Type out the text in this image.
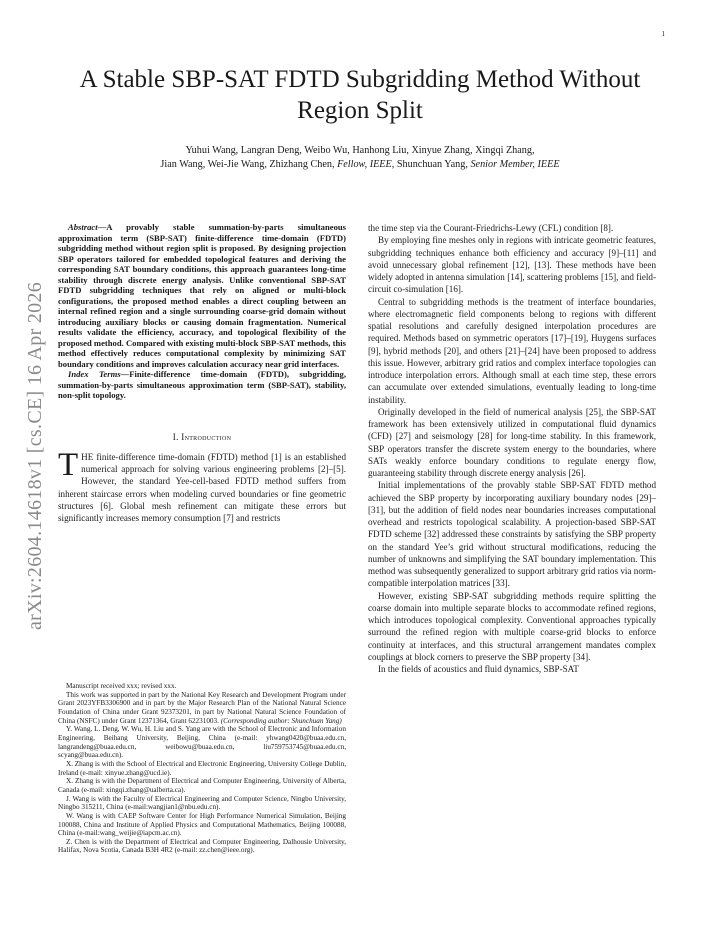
1
arXiv:2604.14618v1 [cs.CE] 16 Apr 2026
A Stable SBP-SAT FDTD Subgridding Method Without Region Split
Yuhui Wang, Langran Deng, Weibo Wu, Hanhong Liu, Xinyue Zhang, Xingqi Zhang,
Jian Wang, Wei-Jie Wang, Zhizhang Chen, Fellow, IEEE, Shunchuan Yang, Senior Member, IEEE

Abstract—A provably stable summation-by-parts simultaneous approximation term (SBP-SAT) finite-difference time-domain (FDTD) subgridding method without region split is proposed. By designing projection SBP operators tailored for embedded topological features and deriving the corresponding SAT boundary conditions, this approach guarantees long-time stability through discrete energy analysis. Unlike conventional SBP-SAT FDTD subgridding techniques that rely on aligned or multi-block configurations, the proposed method enables a direct coupling between an internal refined region and a single surrounding coarse-grid domain without introducing auxiliary blocks or causing domain fragmentation. Numerical results validate the efficiency, accuracy, and topological flexibility of the proposed method. Compared with existing multi-block SBP-SAT methods, this method effectively reduces computational complexity by minimizing SAT boundary conditions and improves calculation accuracy near grid interfaces.

Index Terms—Finite-difference time-domain (FDTD), subgridding, summation-by-parts simultaneous approximation term (SBP-SAT), stability, non-split topology.

I. Introduction

THE finite-difference time-domain (FDTD) method [1] is an established numerical approach for solving various engineering problems [2]–[5]. However, the standard Yee-cell-based FDTD method suffers from inherent staircase errors when modeling curved boundaries or fine geometric structures [6]. Global mesh refinement can mitigate these errors but significantly increases memory consumption [7] and restricts

Manuscript received xxx; revised xxx.

This work was supported in part by the National Key Research and Development Program under Grant 2023YFB3306900 and in part by the Major Research Plan of the National Natural Science Foundation of China under Grant 92373201, in part by National Natural Science Foundation of China (NSFC) under Grant 12371364, Grant 62231003. (Corresponding author: Shunchuan Yang)

Y. Wang, L. Deng, W. Wu, H. Liu and S. Yang are with the School of Electronic and Information Engineering, Beihang University, Beijing, China (e-mail: yhwang0420@buaa.edu.cn, langrandeng@buaa.edu.cn, weibowu@buaa.edu.cn, liu759753745@buaa.edu.cn, scyang@buaa.edu.cn).

X. Zhang is with the School of Electrical and Electronic Engineering, University College Dublin, Ireland (e-mail: xinyue.zhang@ucd.ie).

X. Zhang is with the Department of Electrical and Computer Engineering, University of Alberta, Canada (e-mail: xingqi.zhang@ualberta.ca).

J. Wang is with the Faculty of Electrical Engineering and Computer Science, Ningbo University, Ningbo 315211, China (e-mail:wangjian1@nbu.edu.cn).

W. Wang is with CAEP Software Center for High Performance Numerical Simulation, Beijing 100088, China and Institute of Applied Physics and Computational Mathematics, Beijing 100088, China (e-mail:wang_weijie@iapcm.ac.cn).

Z. Chen is with the Department of Electrical and Computer Engineering, Dalhousie University, Halifax, Nova Scotia, Canada B3H 4R2 (e-mail: zz.chen@ieee.org).

the time step via the Courant-Friedrichs-Lewy (CFL) condition [8].

By employing fine meshes only in regions with intricate geometric features, subgridding techniques enhance both efficiency and accuracy [9]–[11] and avoid unnecessary global refinement [12], [13]. These methods have been widely adopted in antenna simulation [14], scattering problems [15], and field-circuit co-simulation [16].

Central to subgridding methods is the treatment of interface boundaries, where electromagnetic field components belong to regions with different spatial resolutions and carefully designed interpolation procedures are required. Methods based on symmetric operators [17]–[19], Huygens surfaces [9], hybrid methods [20], and others [21]–[24] have been proposed to address this issue. However, arbitrary grid ratios and complex interface topologies can introduce interpolation errors. Although small at each time step, these errors can accumulate over extended simulations, eventually leading to long-time instability.

Originally developed in the field of numerical analysis [25], the SBP-SAT framework has been extensively utilized in computational fluid dynamics (CFD) [27] and seismology [28] for long-time stability. In this framework, SBP operators transfer the discrete system energy to the boundaries, where SATs weakly enforce boundary conditions to regulate energy flow, guaranteeing stability through discrete energy analysis [26].

Initial implementations of the provably stable SBP-SAT FDTD method achieved the SBP property by incorporating auxiliary boundary nodes [29]–[31], but the addition of field nodes near boundaries increases computational overhead and restricts topological scalability. A projection-based SBP-SAT FDTD scheme [32] addressed these constraints by satisfying the SBP property on the standard Yee’s grid without structural modifications, reducing the number of unknowns and simplifying the SAT boundary implementation. This method was subsequently generalized to support arbitrary grid ratios via norm-compatible interpolation matrices [33].

However, existing SBP-SAT subgridding methods require splitting the coarse domain into multiple separate blocks to accommodate refined regions, which introduces topological complexity. Conventional approaches typically surround the refined region with multiple coarse-grid blocks to enforce continuity at interfaces, and this structural arrangement mandates complex couplings at block corners to preserve the SBP property [34].

In the fields of acoustics and fluid dynamics, SBP-SAT
